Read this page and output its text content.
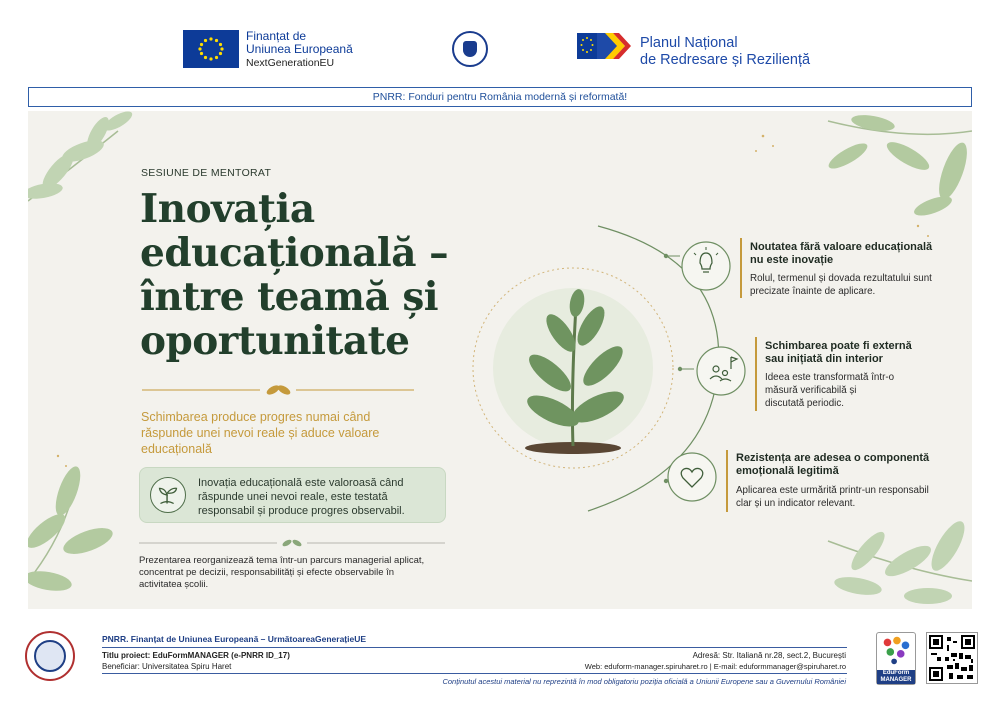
Finanțat de
Uniunea Europeană
NextGenerationEU
Planul Național
de Redresare și Reziliență
PNRR: Fonduri pentru România modernă și reformată!
SESIUNE DE MENTORAT
Inovația
educațională –
între teamă și
oportunitate
Schimbarea produce progres numai când răspunde unei nevoi reale și aduce valoare educațională
Inovația educațională este valoroasă când răspunde unei nevoi reale, este testată responsabil și produce progres observabil.
Prezentarea reorganizează tema într-un parcurs managerial aplicat, concentrat pe decizii, responsabilități și efecte observabile în activitatea școlii.
Noutatea fără valoare educațională nu este inovație
Rolul, termenul și dovada rezultatului sunt precizate înainte de aplicare.
Schimbarea poate fi externă sau inițiată din interior
Ideea este transformată într-o măsură verificabilă și discutată periodic.
Rezistența are adesea o componentă emoțională legitimă
Aplicarea este urmărită printr-un responsabil clar și un indicator relevant.
PNRR. Finanțat de Uniunea Europeană – UrmătoareaGenerațieUE
Titlu proiect: EduFormMANAGER (e-PNRR ID_17)
Beneficiar: Universitatea Spiru Haret
Adresă: Str. Italiană nr.28, sect.2, București
Web: eduform-manager.spiruharet.ro | E-mail: eduformmanager@spiruharet.ro
Conținutul acestui material nu reprezintă în mod obligatoriu poziția oficială a Uniunii Europene sau a Guvernului României
EduForm MANAGER
